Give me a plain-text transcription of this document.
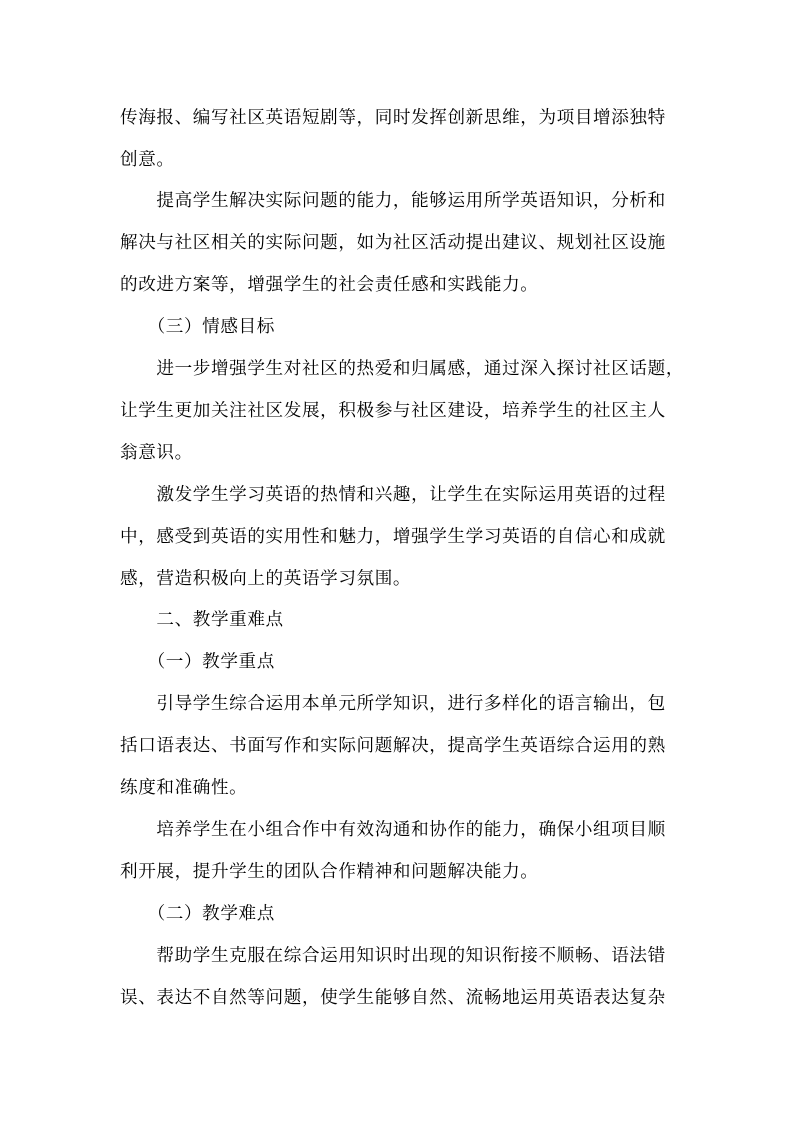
传海报、编写社区英语短剧等，同时发挥创新思维，为项目增添独特
创意。
　　提高学生解决实际问题的能力，能够运用所学英语知识，分析和
解决与社区相关的实际问题，如为社区活动提出建议、规划社区设施
的改进方案等，增强学生的社会责任感和实践能力。
　　（三）情感目标
　　进一步增强学生对社区的热爱和归属感，通过深入探讨社区话题，
让学生更加关注社区发展，积极参与社区建设，培养学生的社区主人
翁意识。
　　激发学生学习英语的热情和兴趣，让学生在实际运用英语的过程
中，感受到英语的实用性和魅力，增强学生学习英语的自信心和成就
感，营造积极向上的英语学习氛围。
　　二、教学重难点
　　（一）教学重点
　　引导学生综合运用本单元所学知识，进行多样化的语言输出，包
括口语表达、书面写作和实际问题解决，提高学生英语综合运用的熟
练度和准确性。
　　培养学生在小组合作中有效沟通和协作的能力，确保小组项目顺
利开展，提升学生的团队合作精神和问题解决能力。
　　（二）教学难点
　　帮助学生克服在综合运用知识时出现的知识衔接不顺畅、语法错
误、表达不自然等问题，使学生能够自然、流畅地运用英语表达复杂
